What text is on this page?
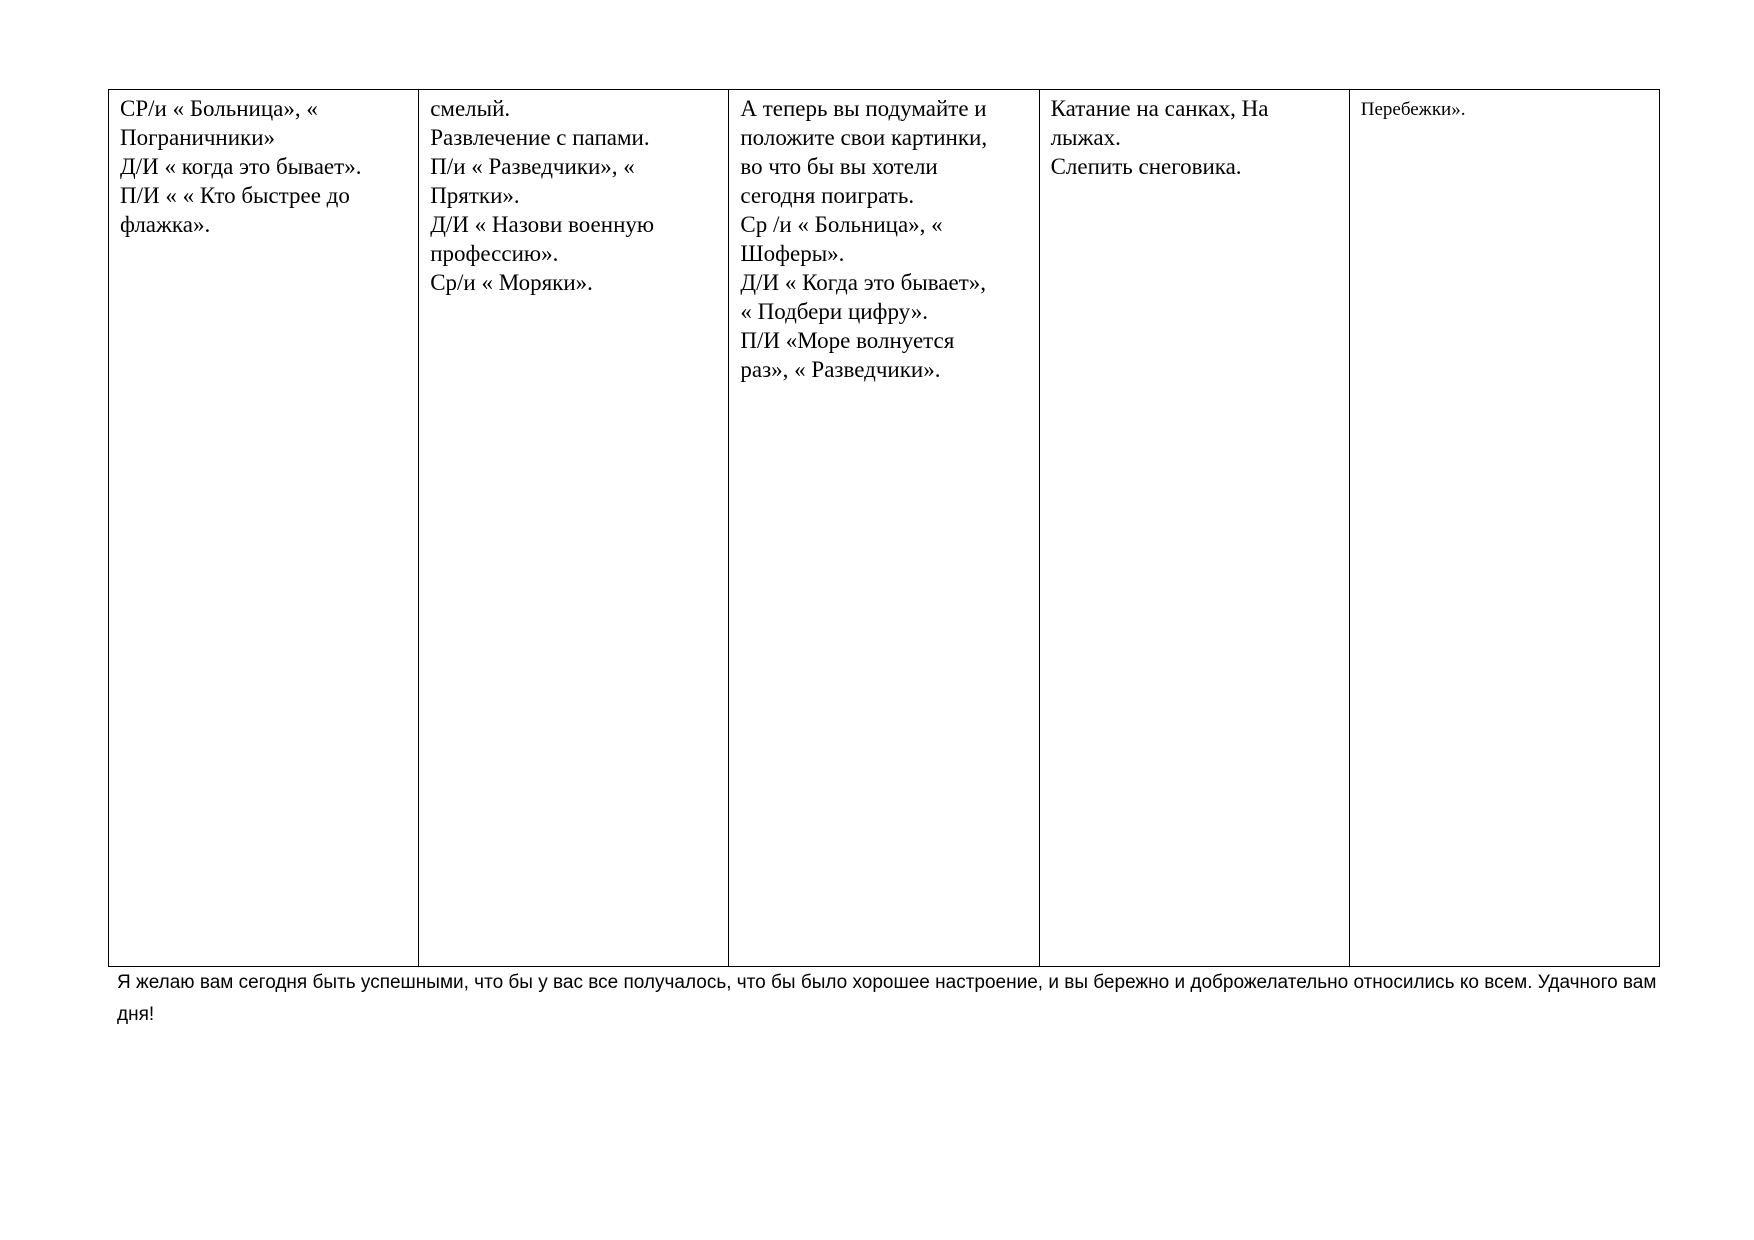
СР/и « Больница», «
Пограничники»
Д/И « когда это бывает».
П/И « « Кто быстрее до
флажка».

смелый.
Развлечение с папами.
П/и « Разведчики», «
Прятки».
Д/И « Назови военную
профессию».
Ср/и « Моряки».

А теперь вы подумайте и
положите свои картинки,
во что бы вы хотели
сегодня поиграть.
Ср /и « Больница», «
Шоферы».
Д/И « Когда это бывает»,
« Подбери цифру».
П/И «Море волнуется
раз», « Разведчики».

Катание на санках, На
лыжах.
Слепить снеговика.

Перебежки».
Я желаю вам сегодня быть успешными, что бы у вас все получалось, что бы было хорошее настроение, и вы бережно и доброжелательно относились ко всем. Удачного вам дня!
